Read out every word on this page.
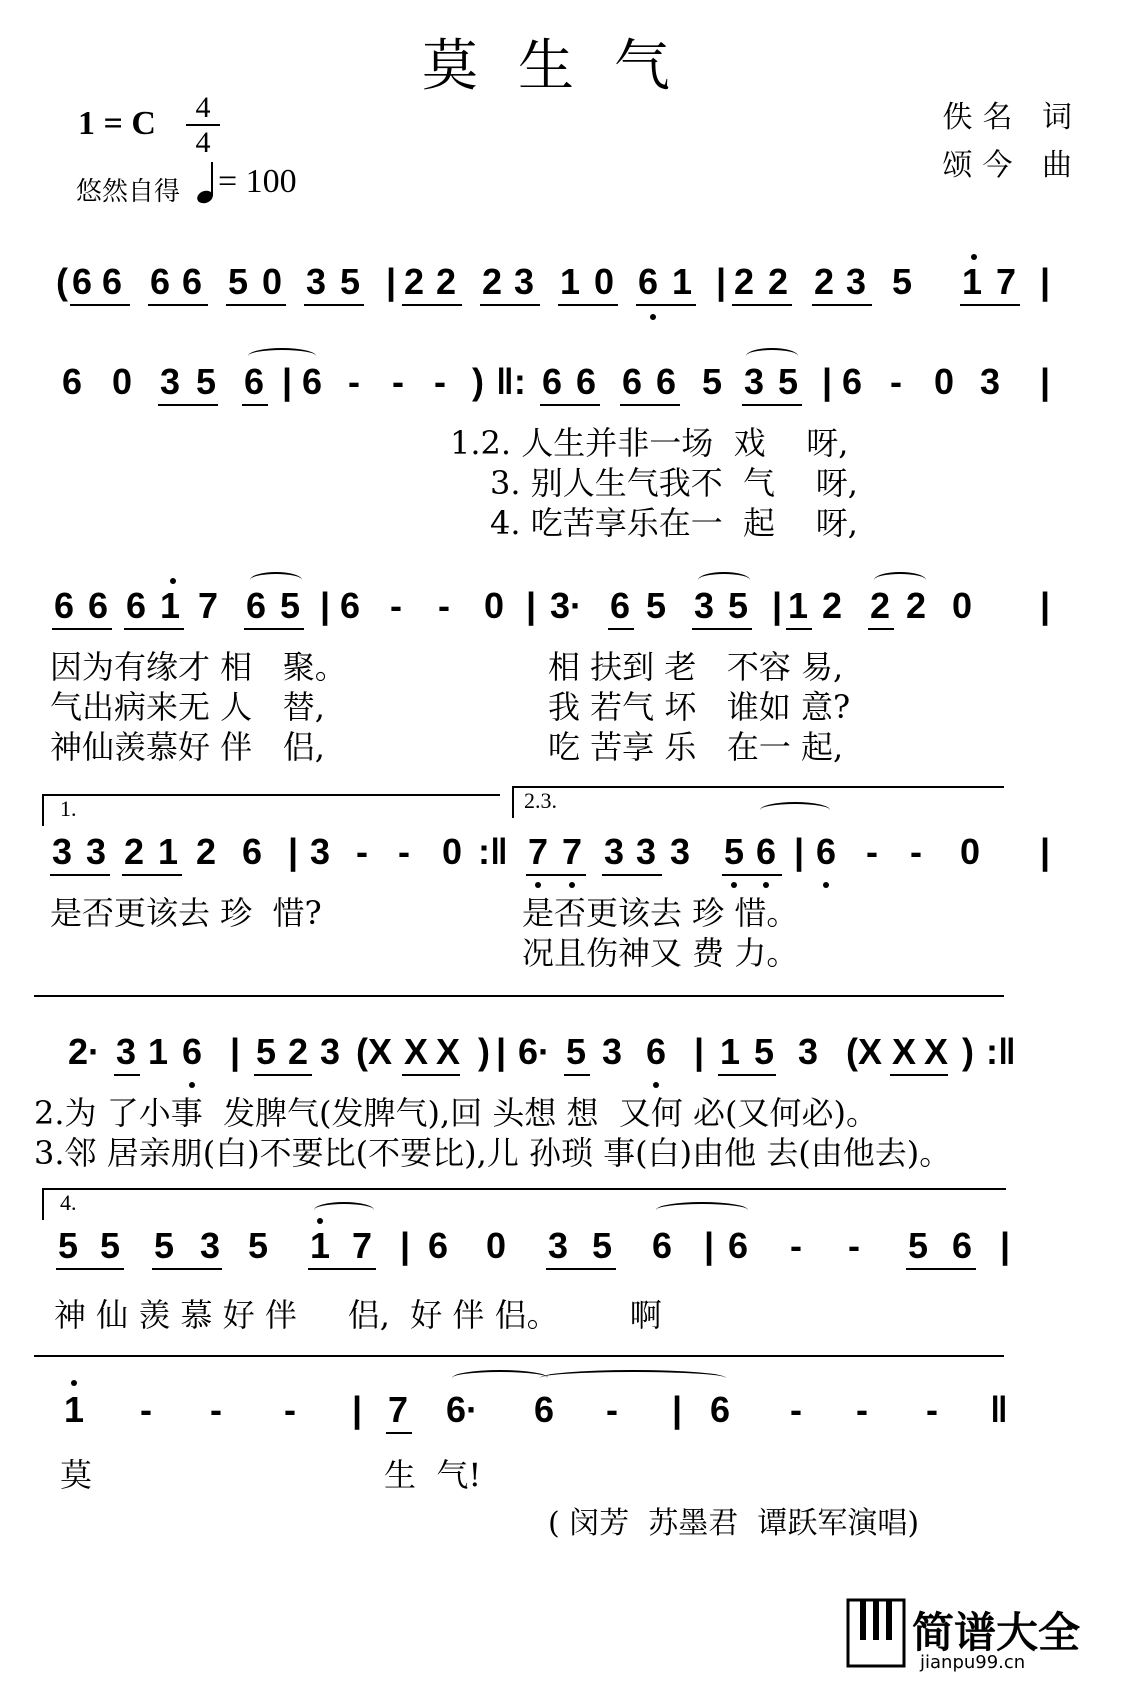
莫生气
1 = C	4
4
悠然自得 = 100
佚名 词
颂今 曲
( 6 6 6 6 5 0 3 5 | 2 2 2 3 1 0 6 1 | 2 2 2 3 5 1 7 |
6 0 3 5 6 | 6 - - - ) ‖: 6 6 6 6 5 3 5 | 6 - 0 3 |
1.2. 人生并非一场  戏    呀,
3. 别人生气我不  气    呀,
4. 吃苦享乐在一  起    呀,
6 6 6 1 7 6 5 | 6 - - 0 | 3· 6 5 3 5 | 1 2 2 2 0 |
因为有缘才 相   聚。
气出病来无 人   替,
神仙羡慕好 伴   侣,
相 扶到 老   不容 易,
我 若气 坏   谁如 意?
吃 苦享 乐   在一 起,
1.	2.3.
3 3 2 1 2 6 | 3 - - 0 :‖ 7 7 3 3 3 5 6 | 6 - - 0 |
是否更该去 珍  惜?	是否更该去 珍 惜。
况且伤神又 费 力。
2· 3 1 6 | 5 2 3 (X X X ) | 6· 5 3 6 | 1 5 3 (X X X ) :‖
2.为 了小事  发脾气(发脾气),回 头想 想  又何 必(又何必)。
3.邻 居亲朋(白)不要比(不要比),儿 孙琐 事(白)由他 去(由他去)。
4.
5 5 5 3 5 1 7 | 6 0 3 5 6 | 6 - - 5 6 |
神 仙 羡 慕 好 伴     侣,  好 伴 侣。       啊
1 - - - | 7 6· 6 - | 6 - - - ‖
莫	生  气!
( 闵芳  苏墨君  谭跃军演唱)
简谱大全
jianpu99.cn
